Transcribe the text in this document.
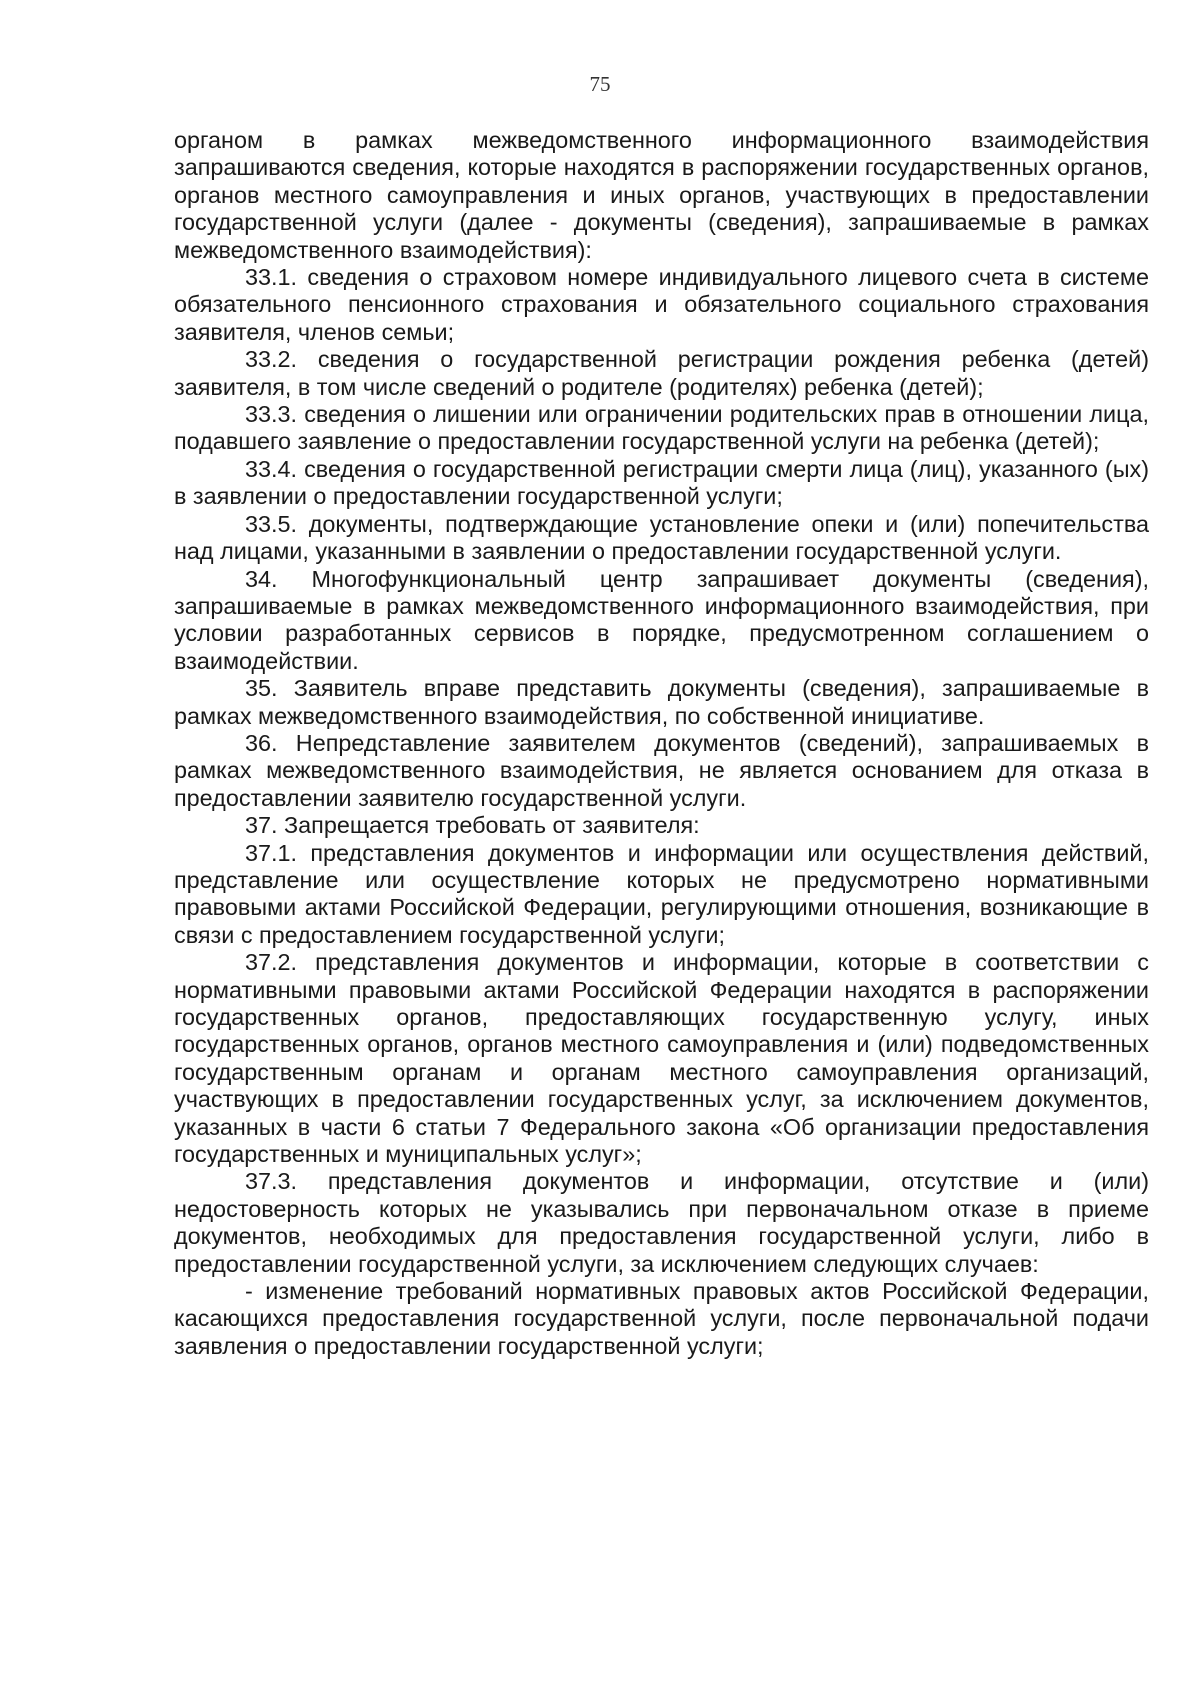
75

органом в рамках межведомственного информационного взаимодействия запрашиваются сведения, которые находятся в распоряжении государственных органов, органов местного самоуправления и иных органов, участвующих в предоставлении государственной услуги (далее - документы (сведения), запрашиваемые в рамках межведомственного взаимодействия):

33.1. сведения о страховом номере индивидуального лицевого счета в системе обязательного пенсионного страхования и обязательного социального страхования заявителя, членов семьи;

33.2. сведения о государственной регистрации рождения ребенка (детей) заявителя, в том числе сведений о родителе (родителях) ребенка (детей);

33.3. сведения о лишении или ограничении родительских прав в отношении лица, подавшего заявление о предоставлении государственной услуги на ребенка (детей);

33.4. сведения о государственной регистрации смерти лица (лиц), указанного (ых) в заявлении о предоставлении государственной услуги;

33.5. документы, подтверждающие установление опеки и (или) попечительства над лицами, указанными в заявлении о предоставлении государственной услуги.

34. Многофункциональный центр запрашивает документы (сведения), запрашиваемые в рамках межведомственного информационного взаимодействия, при условии разработанных сервисов в порядке, предусмотренном соглашением о взаимодействии.

35. Заявитель вправе представить документы (сведения), запрашиваемые в рамках межведомственного взаимодействия, по собственной инициативе.

36. Непредставление заявителем документов (сведений), запрашиваемых в рамках межведомственного взаимодействия, не является основанием для отказа в предоставлении заявителю государственной услуги.

37. Запрещается требовать от заявителя:

37.1. представления документов и информации или осуществления действий, представление или осуществление которых не предусмотрено нормативными правовыми актами Российской Федерации, регулирующими отношения, возникающие в связи с предоставлением государственной услуги;

37.2. представления документов и информации, которые в соответствии с нормативными правовыми актами Российской Федерации находятся в распоряжении государственных органов, предоставляющих государственную услугу, иных государственных органов, органов местного самоуправления и (или) подведомственных государственным органам и органам местного самоуправления организаций, участвующих в предоставлении государственных услуг, за исключением документов, указанных в части 6 статьи 7 Федерального закона «Об организации предоставления государственных и муниципальных услуг»;

37.3. представления документов и информации, отсутствие и (или) недостоверность которых не указывались при первоначальном отказе в приеме документов, необходимых для предоставления государственной услуги, либо в предоставлении государственной услуги, за исключением следующих случаев:

- изменение требований нормативных правовых актов Российской Федерации, касающихся предоставления государственной услуги, после первоначальной подачи заявления о предоставлении государственной услуги;
